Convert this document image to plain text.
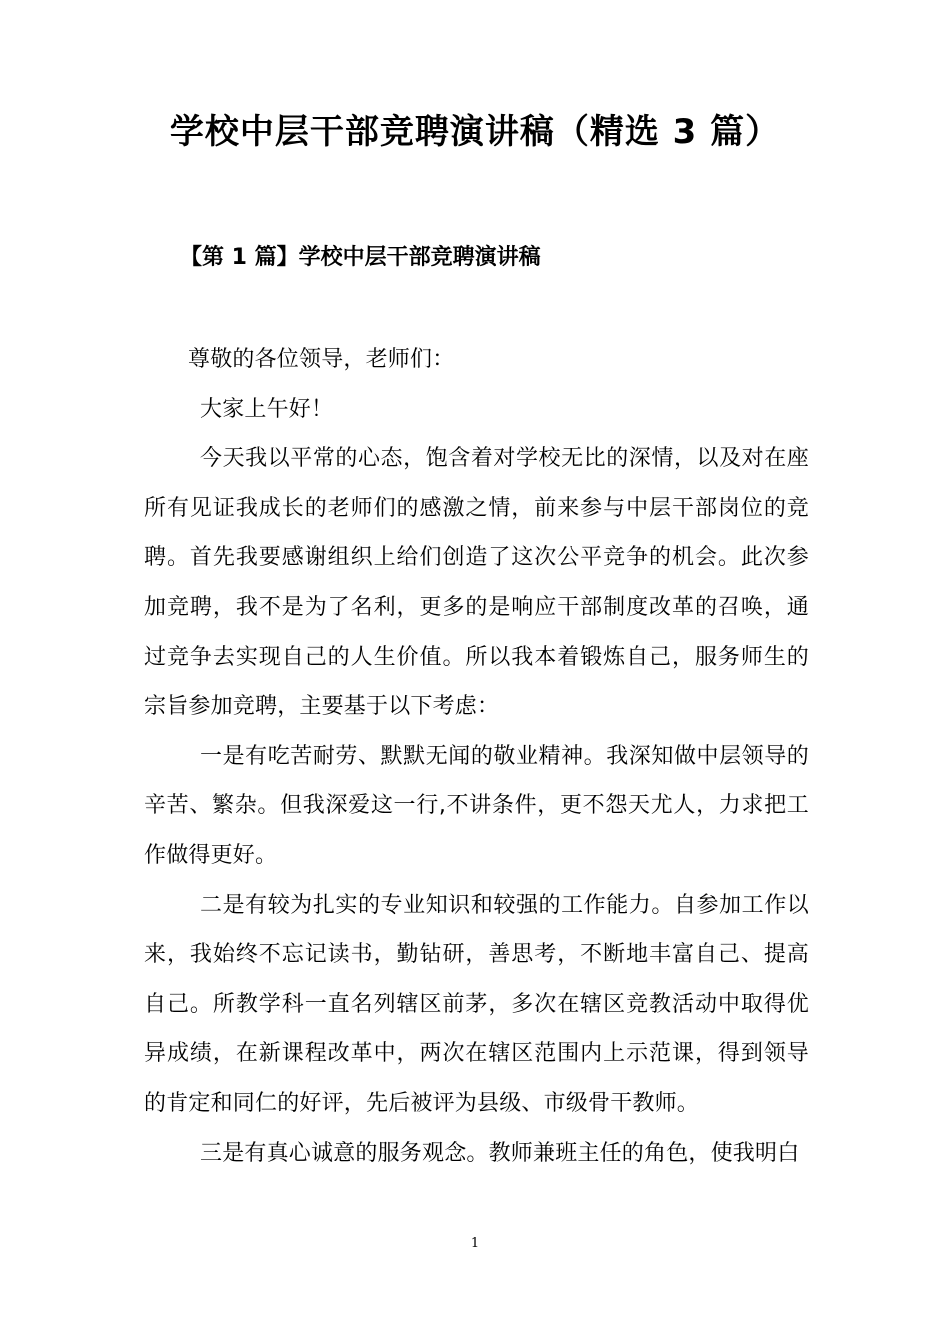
学校中层干部竞聘演讲稿（精选 3 篇）
【第 1 篇】学校中层干部竞聘演讲稿

尊敬的各位领导，老师们：

大家上午好！

今天我以平常的心态，饱含着对学校无比的深情，以及对在座所有见证我成长的老师们的感激之情，前来参与中层干部岗位的竞聘。首先我要感谢组织上给们创造了这次公平竞争的机会。此次参加竞聘，我不是为了名利，更多的是响应干部制度改革的召唤，通过竞争去实现自己的人生价值。所以我本着锻炼自己，服务师生的宗旨参加竞聘，主要基于以下考虑：

一是有吃苦耐劳、默默无闻的敬业精神。我深知做中层领导的辛苦、繁杂。但我深爱这一行,不讲条件，更不怨天尤人，力求把工作做得更好。

二是有较为扎实的专业知识和较强的工作能力。自参加工作以来，我始终不忘记读书，勤钻研，善思考，不断地丰富自己、提高自己。所教学科一直名列辖区前茅，多次在辖区竞教活动中取得优异成绩，在新课程改革中，两次在辖区范围内上示范课，得到领导的肯定和同仁的好评，先后被评为县级、市级骨干教师。

三是有真心诚意的服务观念。教师兼班主任的角色，使我明白

1
